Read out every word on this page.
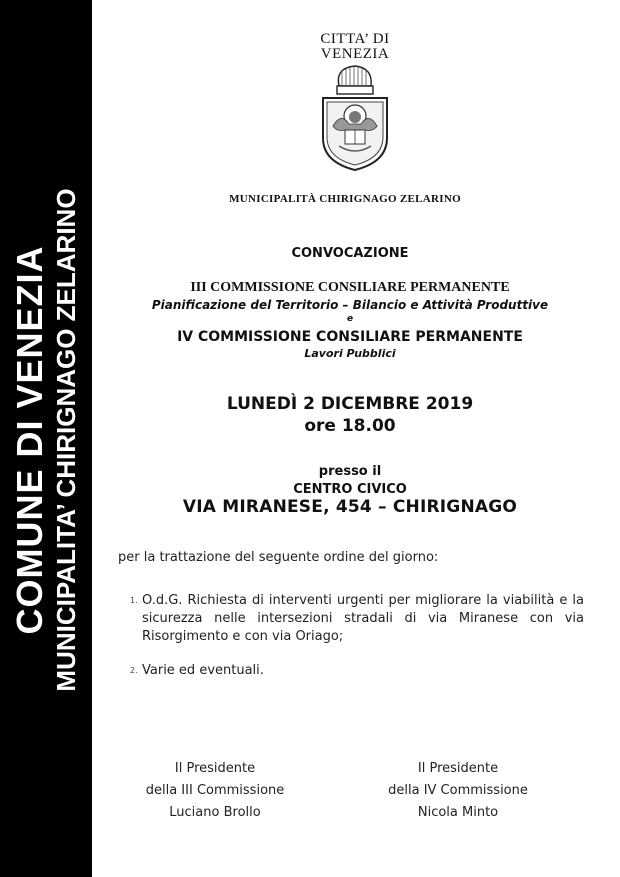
COMUNE DI VENEZIA MUNICIPALITA’ CHIRIGNAGO ZELARINO
CITTA’ DI
VENEZIA
MUNICIPALITÀ CHIRIGNAGO ZELARINO
CONVOCAZIONE
III COMMISSIONE CONSILIARE PERMANENTE
Pianificazione del Territorio – Bilancio e Attività Produttive
e
IV COMMISSIONE CONSILIARE PERMANENTE
Lavori Pubblici
LUNEDÌ 2 DICEMBRE 2019
ore 18.00
presso il
CENTRO CIVICO
VIA MIRANESE, 454 – CHIRIGNAGO
per la trattazione del seguente ordine del giorno:
1. O.d.G. Richiesta di interventi urgenti per migliorare la viabilità e la sicurezza nelle intersezioni stradali di via Miranese con via Risorgimento e con via Oriago;
2. Varie ed eventuali.
Il Presidente
della III Commissione
Luciano Brollo
Il Presidente
della IV Commissione
Nicola Minto
